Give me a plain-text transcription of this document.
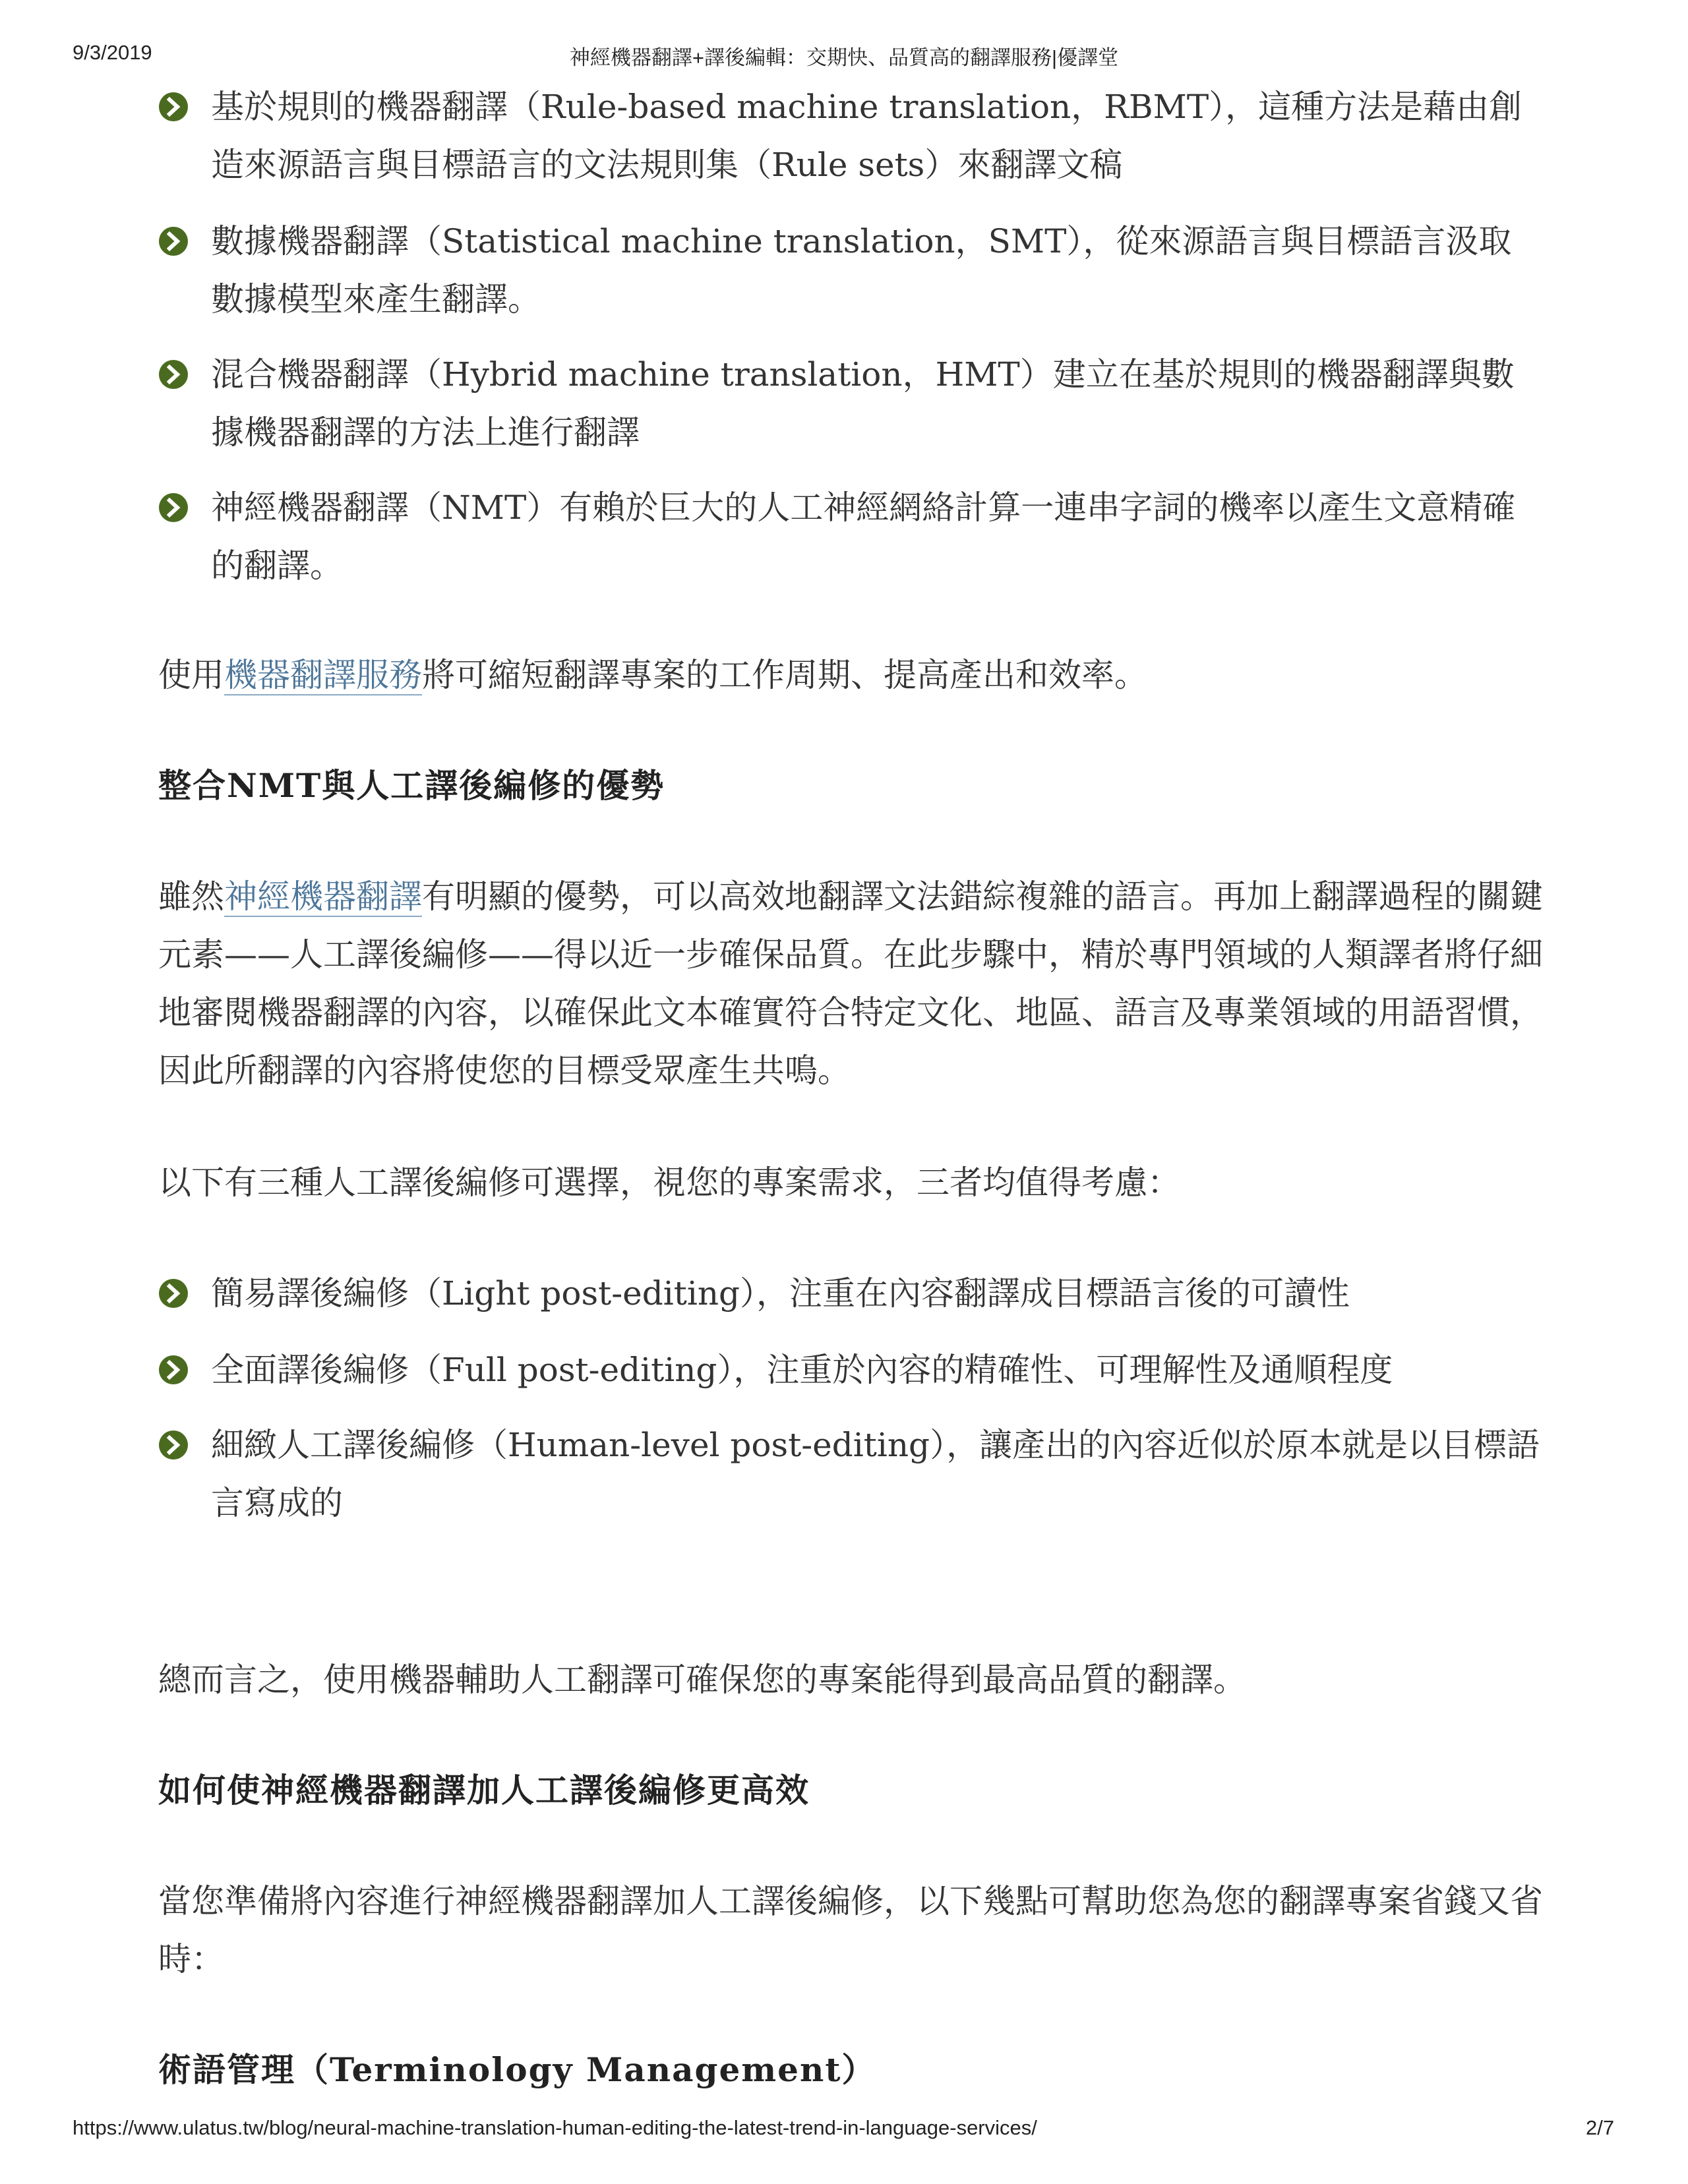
9/3/2019	神經機器翻譯+譯後編輯：交期快、品質高的翻譯服務|優譯堂
基於規則的機器翻譯（Rule-based machine translation，RBMT），這種方法是藉由創造來源語言與目標語言的文法規則集（Rule sets）來翻譯文稿
數據機器翻譯（Statistical machine translation，SMT），從來源語言與目標語言汲取數據模型來產生翻譯。
混合機器翻譯（Hybrid machine translation，HMT）建立在基於規則的機器翻譯與數據機器翻譯的方法上進行翻譯
神經機器翻譯（NMT）有賴於巨大的人工神經網絡計算一連串字詞的機率以產生文意精確的翻譯。

使用機器翻譯服務將可縮短翻譯專案的工作周期、提高產出和效率。

整合NMT與人工譯後編修的優勢

雖然神經機器翻譯有明顯的優勢，可以高效地翻譯文法錯綜複雜的語言。再加上翻譯過程的關鍵元素——人工譯後編修——得以近一步確保品質。在此步驟中，精於專門領域的人類譯者將仔細地審閱機器翻譯的內容，以確保此文本確實符合特定文化、地區、語言及專業領域的用語習慣，因此所翻譯的內容將使您的目標受眾產生共鳴。

以下有三種人工譯後編修可選擇，視您的專案需求，三者均值得考慮：

簡易譯後編修（Light post-editing），注重在內容翻譯成目標語言後的可讀性
全面譯後編修（Full post-editing），注重於內容的精確性、可理解性及通順程度
細緻人工譯後編修（Human-level post-editing），讓產出的內容近似於原本就是以目標語言寫成的

總而言之，使用機器輔助人工翻譯可確保您的專案能得到最高品質的翻譯。

如何使神經機器翻譯加人工譯後編修更高效

當您準備將內容進行神經機器翻譯加人工譯後編修，以下幾點可幫助您為您的翻譯專案省錢又省時：

術語管理（Terminology Management）
https://www.ulatus.tw/blog/neural-machine-translation-human-editing-the-latest-trend-in-language-services/	2/7
